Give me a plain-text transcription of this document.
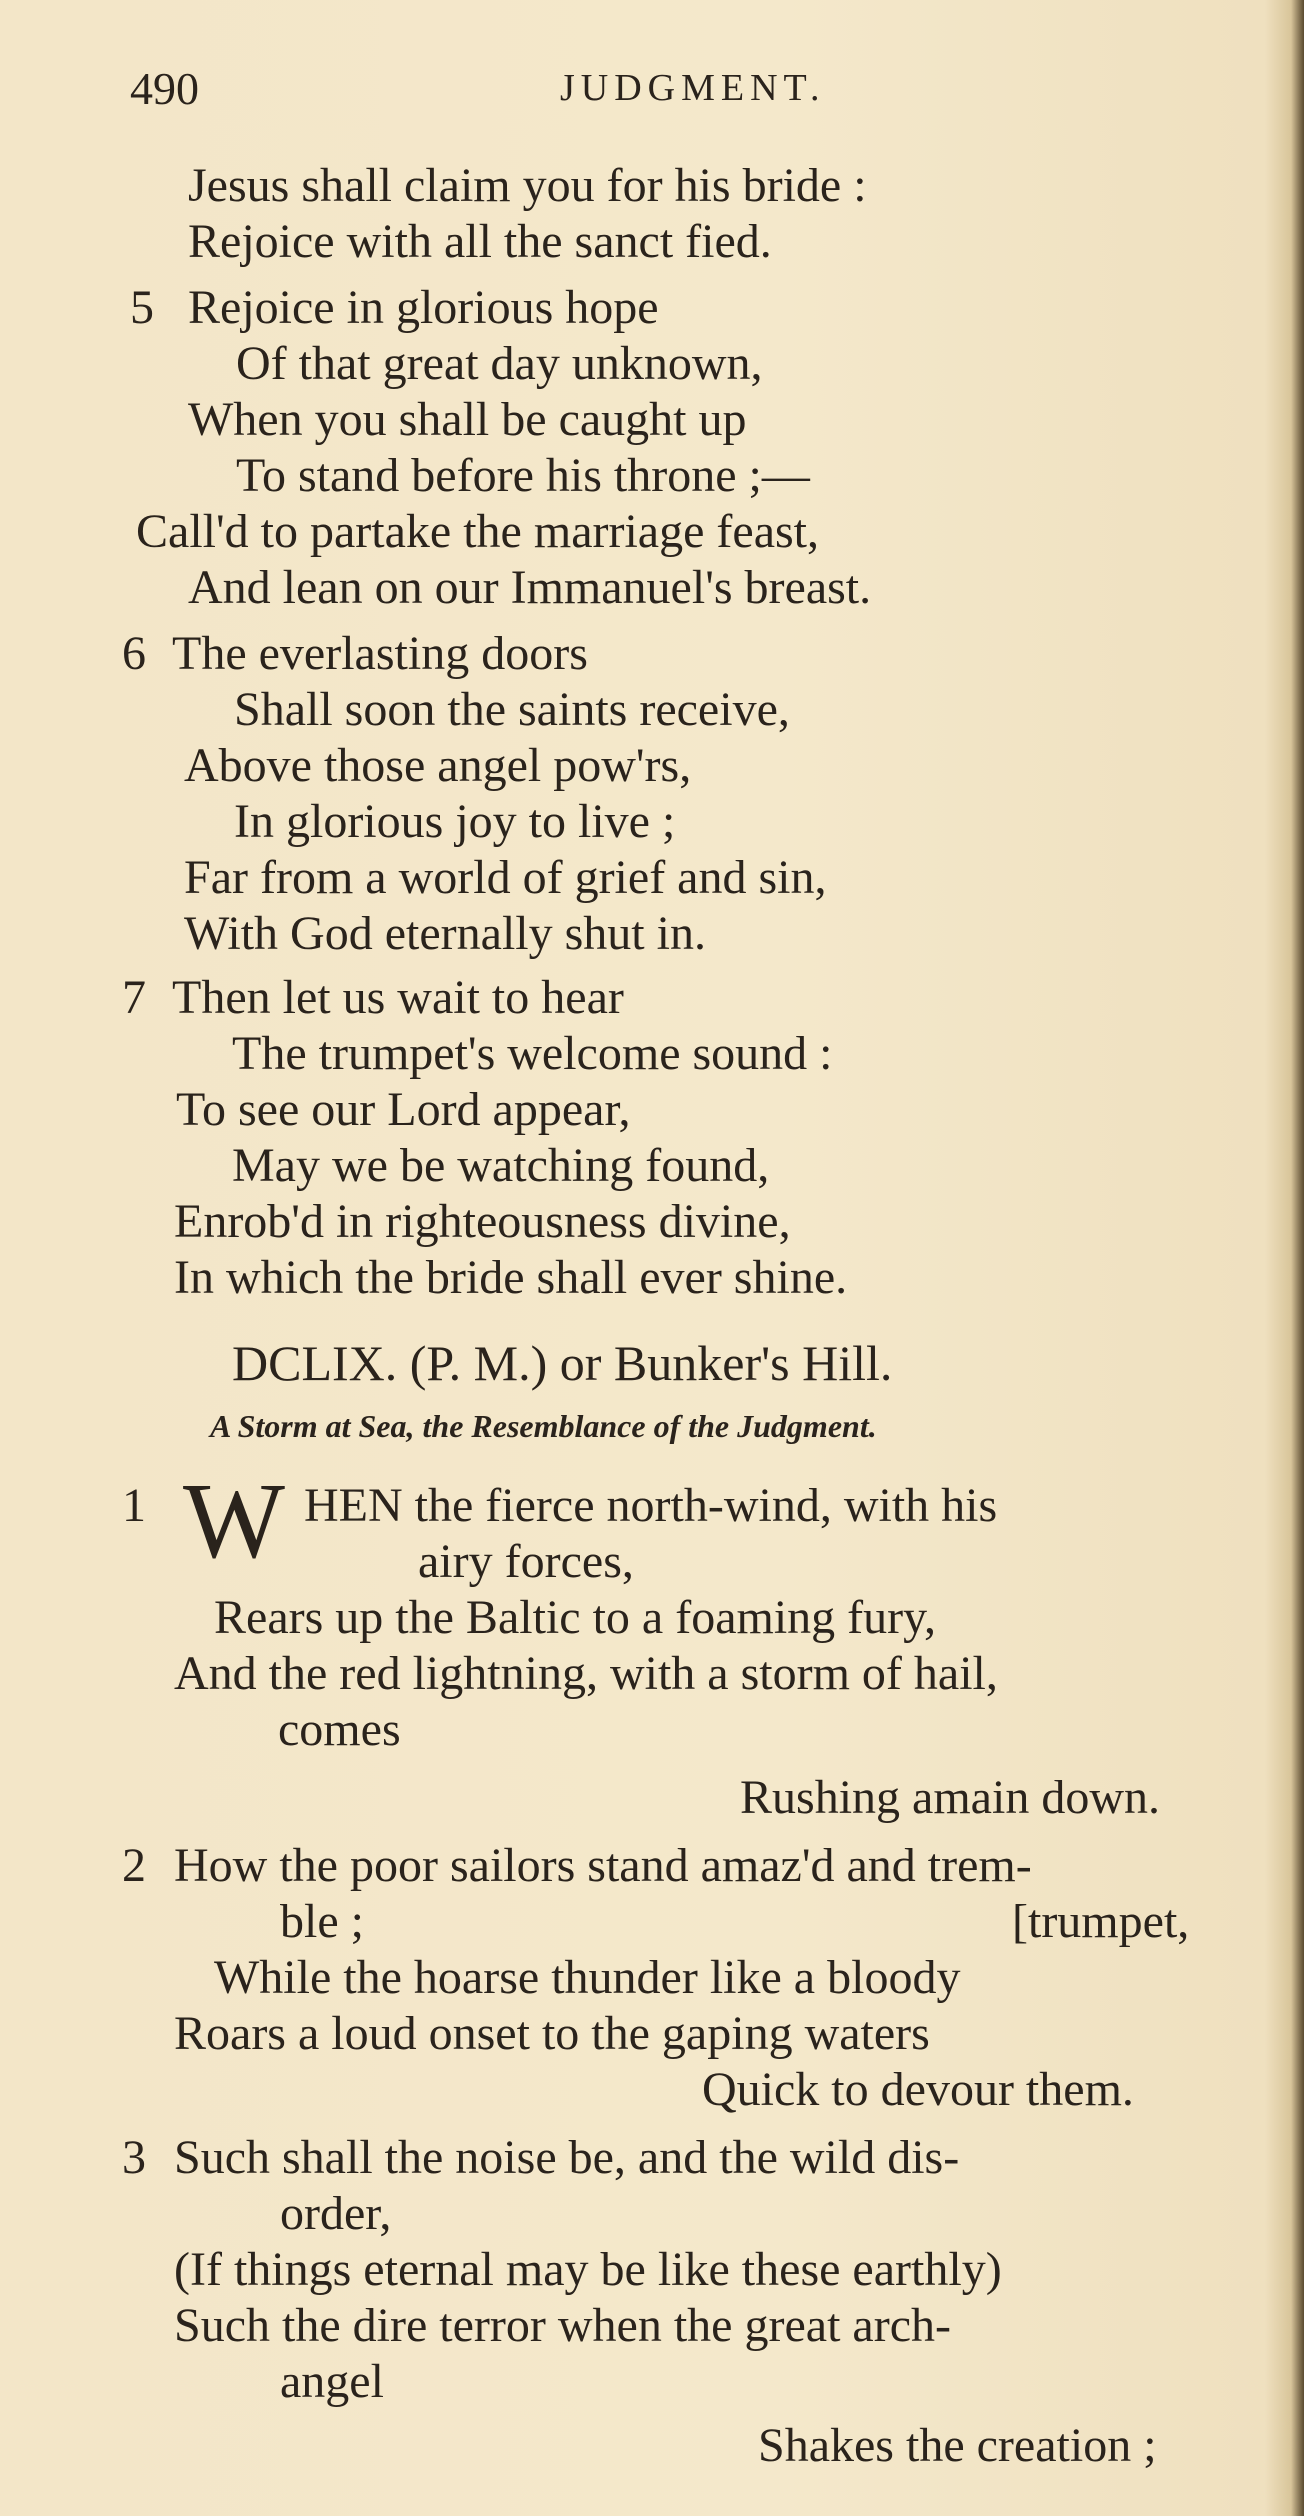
490	JUDGMENT.
Jesus shall claim you for his bride :
Rejoice with all the sanct fied.
5 Rejoice in glorious hope
Of that great day unknown,
When you shall be caught up
To stand before his throne ;—
Call'd to partake the marriage feast,
And lean on our Immanuel's breast.
6 The everlasting doors
Shall soon the saints receive,
Above those angel pow'rs,
In glorious joy to live ;
Far from a world of grief and sin,
With God eternally shut in.
7 Then let us wait to hear
The trumpet's welcome sound :
To see our Lord appear,
May we be watching found,
Enrob'd in righteousness divine,
In which the bride shall ever shine.
DCLIX. (P. M.) or Bunker's Hill.
A Storm at Sea, the Resemblance of the Judgment.
1 W HEN the fierce north-wind, with his
airy forces,
Rears up the Baltic to a foaming fury,
And the red lightning, with a storm of hail,
comes
Rushing amain down.
2 How the poor sailors stand amaz'd and trem-
ble ;	[trumpet,
While the hoarse thunder like a bloody
Roars a loud onset to the gaping waters
Quick to devour them.
3 Such shall the noise be, and the wild dis-
order,
(If things eternal may be like these earthly)
Such the dire terror when the great arch-
angel
Shakes the creation ;
